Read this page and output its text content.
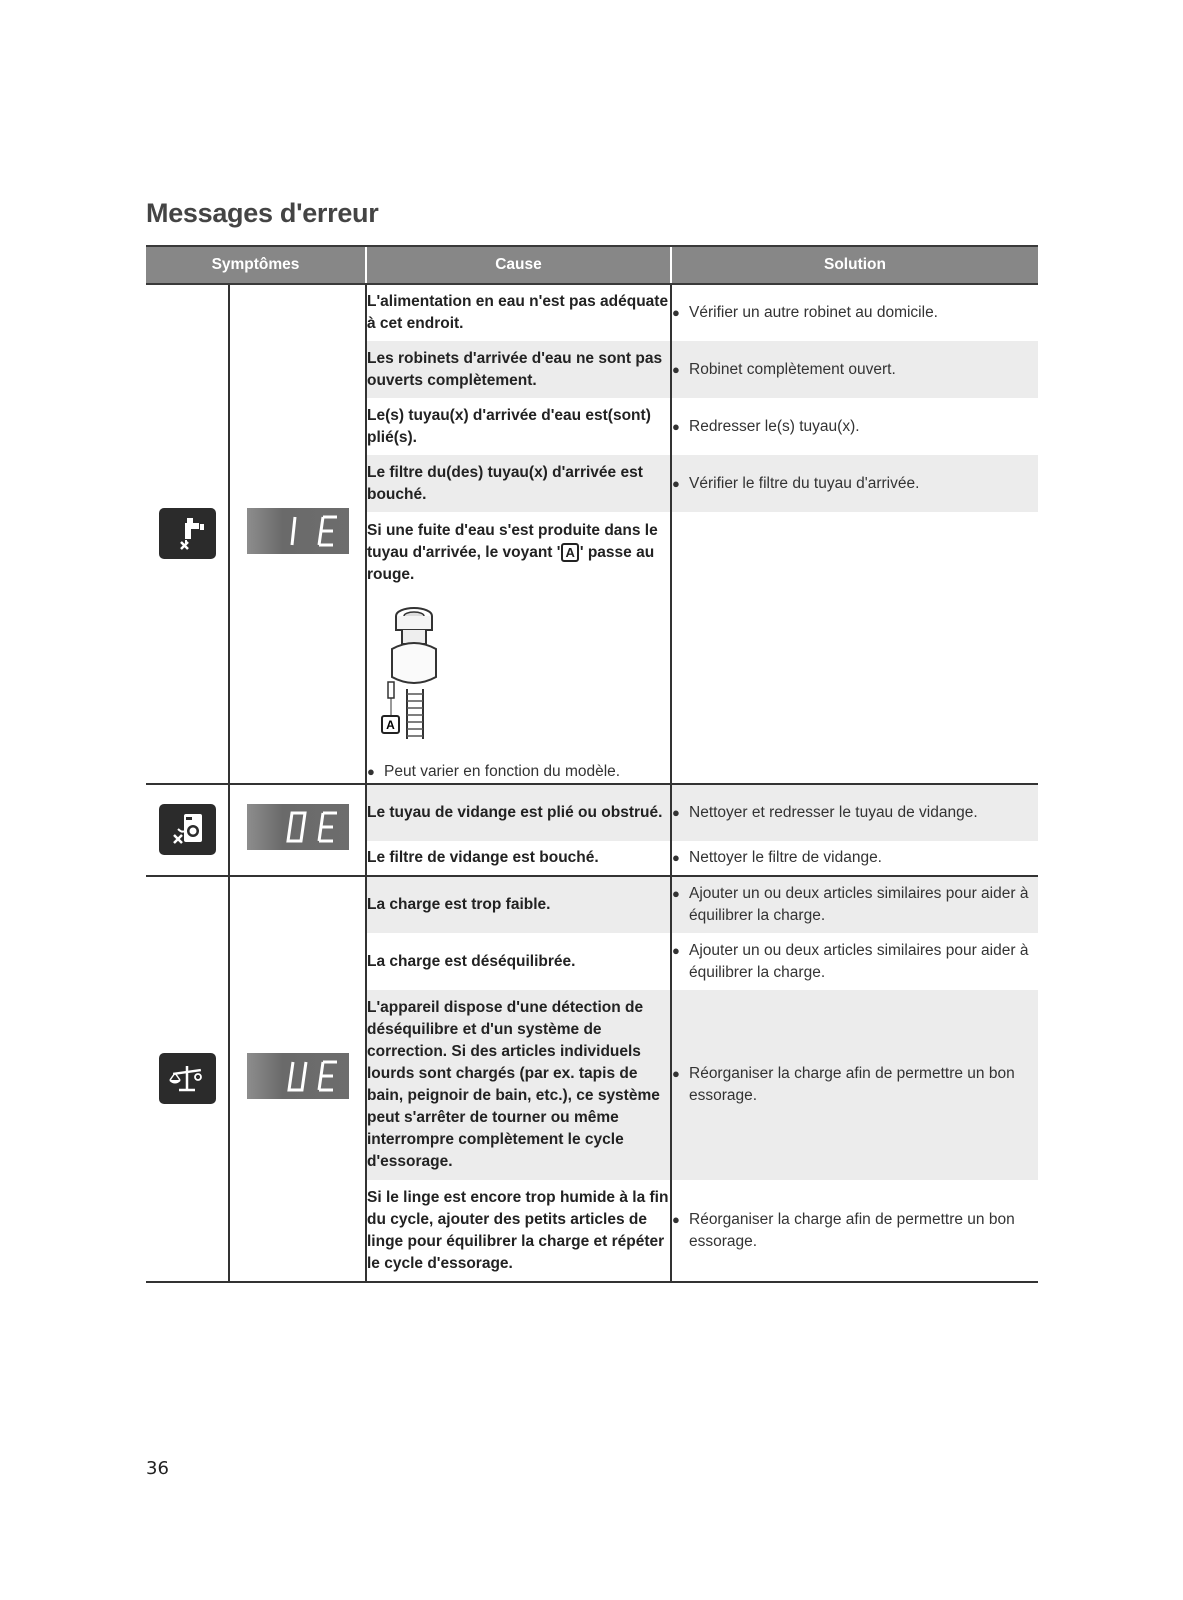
Messages d'erreur
Symptômes		Cause	Solution

	L'alimentation en eau n'est pas adéquate à cet endroit.	● Vérifier un autre robinet au domicile.

		Les robinets d'arrivée d'eau ne sont pas ouverts complètement.	● Robinet complètement ouvert.

		Le(s) tuyau(x) d'arrivée d'eau est(sont) plié(s).	● Redresser le(s) tuyau(x).

		Le filtre du(des) tuyau(x) d'arrivée est bouché.	● Vérifier le filtre du tuyau d'arrivée.

		Si une fuite d'eau s'est produite dans le tuyau d'arrivée, le voyant ' A ' passe au rouge.
A
● Peut varier en fonction du modèle.	

	Le tuyau de vidange est plié ou obstrué.	● Nettoyer et redresser le tuyau de vidange.

		Le filtre de vidange est bouché.	● Nettoyer le filtre de vidange.

	La charge est trop faible.	● Ajouter un ou deux articles similaires pour aider à équilibrer la charge.

		La charge est déséquilibrée.	● Ajouter un ou deux articles similaires pour aider à équilibrer la charge.

		L'appareil dispose d'une détection de déséquilibre et d'un système de correction. Si des articles individuels lourds sont chargés (par ex. tapis de bain, peignoir de bain, etc.), ce système peut s'arrêter de tourner ou même interrompre complètement le cycle d'essorage.	● Réorganiser la charge afin de permettre un bon essorage.

		Si le linge est encore trop humide à la fin du cycle, ajouter des petits articles de linge pour équilibrer la charge et répéter le cycle d'essorage.	● Réorganiser la charge afin de permettre un bon essorage.
36
